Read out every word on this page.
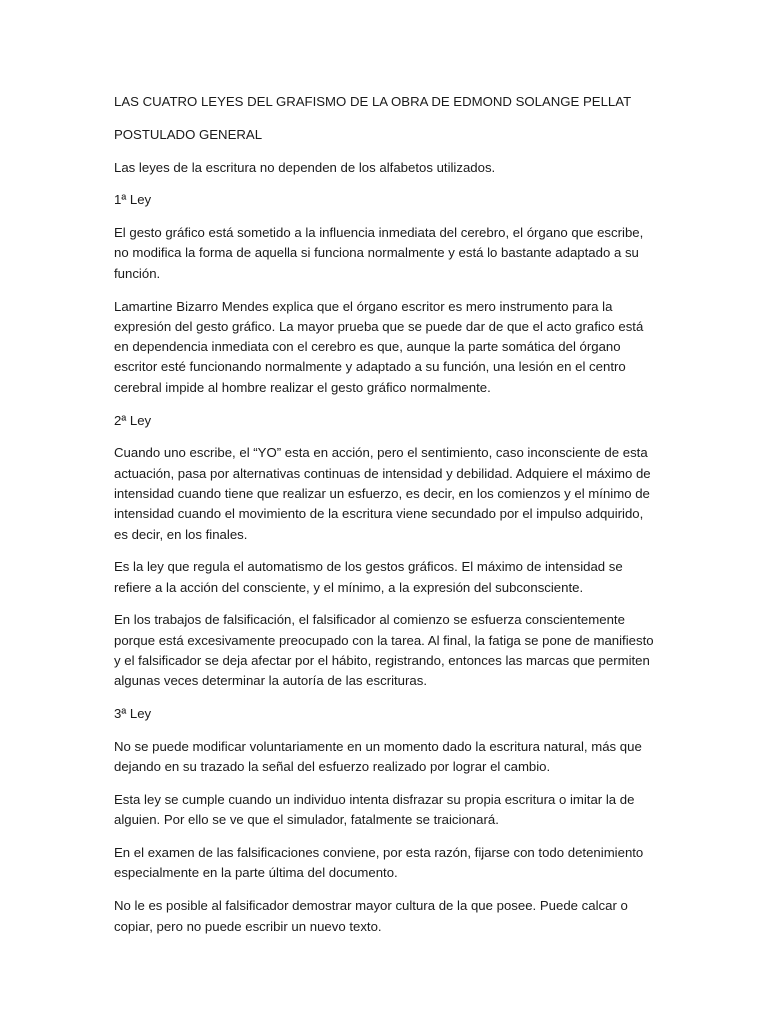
LAS CUATRO LEYES DEL GRAFISMO DE LA OBRA DE EDMOND SOLANGE PELLAT

POSTULADO GENERAL

Las leyes de la escritura no dependen de los alfabetos utilizados.

1ª Ley

El gesto gráfico está sometido a la influencia inmediata del cerebro, el órgano que escribe, no modifica la forma de aquella si funciona normalmente y está lo bastante adaptado a su función.

Lamartine Bizarro Mendes explica que el órgano escritor es mero instrumento para la expresión del gesto gráfico. La mayor prueba que se puede dar de que el acto grafico está en dependencia inmediata con el cerebro es que, aunque la parte somática del órgano escritor esté funcionando normalmente y adaptado a su función, una lesión en el centro cerebral impide al hombre realizar el gesto gráfico normalmente.

2ª Ley

Cuando uno escribe, el “YO” esta en acción, pero el sentimiento, caso inconsciente de esta actuación, pasa por alternativas continuas de intensidad y debilidad. Adquiere el máximo de intensidad cuando tiene que realizar un esfuerzo, es decir, en los comienzos y el mínimo de intensidad cuando el movimiento de la escritura viene secundado por el impulso adquirido, es decir, en los finales.

Es la ley que regula el automatismo de los gestos gráficos. El máximo de intensidad se refiere a la acción del consciente, y el mínimo, a la expresión del subconsciente.

En los trabajos de falsificación, el falsificador al comienzo se esfuerza conscientemente porque está excesivamente preocupado con la tarea. Al final, la fatiga se pone de manifiesto y el falsificador se deja afectar por el hábito, registrando, entonces las marcas que permiten algunas veces determinar la autoría de las escrituras.

3ª Ley

No se puede modificar voluntariamente en un momento dado la escritura natural, más que dejando en su trazado la señal del esfuerzo realizado por lograr el cambio.

Esta ley se cumple cuando un individuo intenta disfrazar su propia escritura o imitar la de alguien. Por ello se ve que el simulador, fatalmente se traicionará.

En el examen de las falsificaciones conviene, por esta razón, fijarse con todo detenimiento especialmente en la parte última del documento.

No le es posible al falsificador demostrar mayor cultura de la que posee. Puede calcar o copiar, pero no puede escribir un nuevo texto.
